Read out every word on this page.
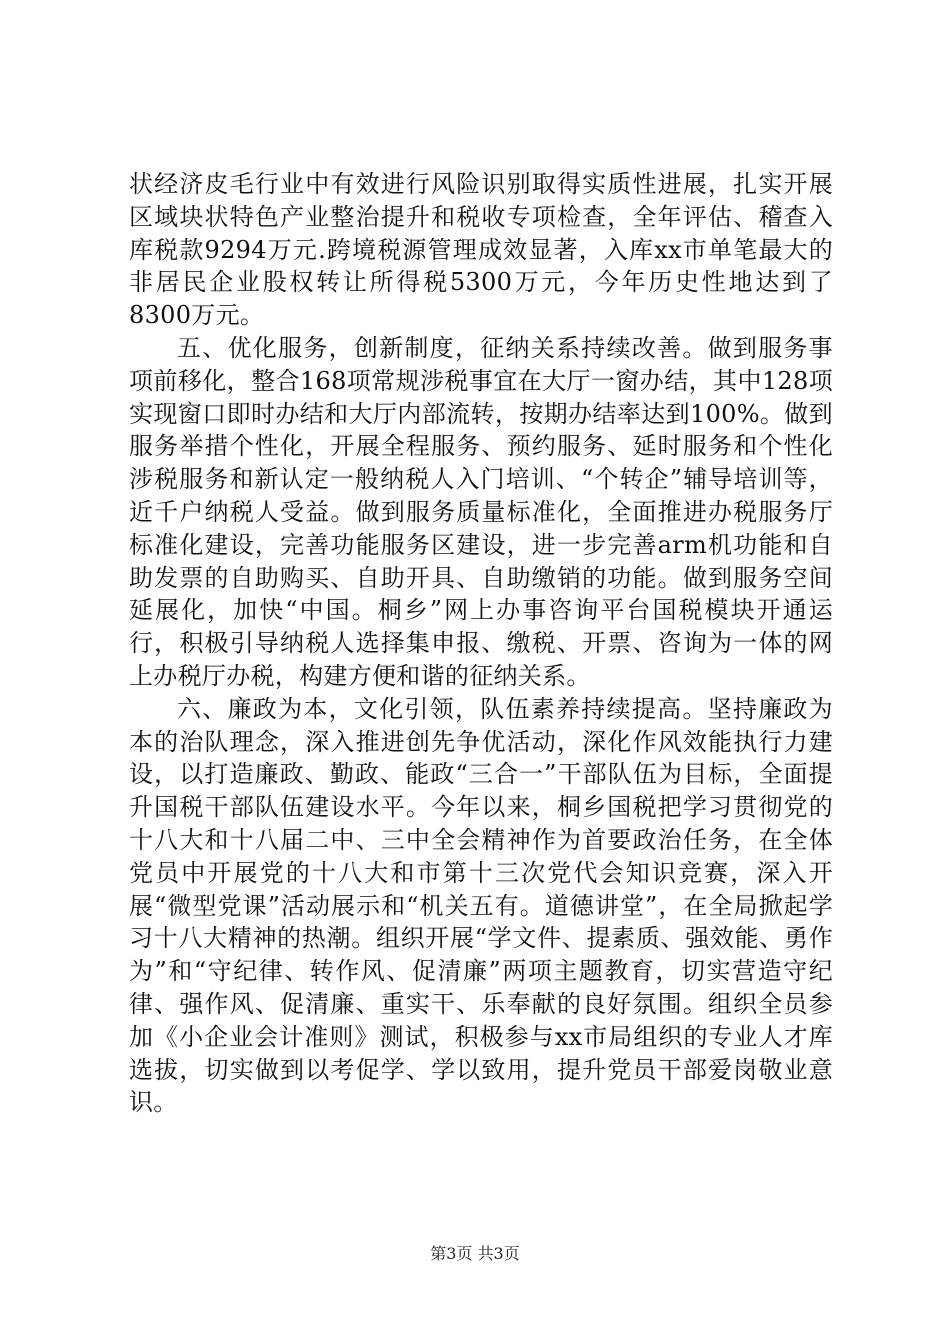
状经济皮毛行业中有效进行风险识别取得实质性进展，扎实开展区域块状特色产业整治提升和税收专项检查，全年评估、稽查入库税款9294万元.跨境税源管理成效显著，入库xx市单笔最大的非居民企业股权转让所得税5300万元，今年历史性地达到了8300万元。

五、优化服务，创新制度，征纳关系持续改善。做到服务事项前移化，整合168项常规涉税事宜在大厅一窗办结，其中128项实现窗口即时办结和大厅内部流转，按期办结率达到100%。做到服务举措个性化，开展全程服务、预约服务、延时服务和个性化涉税服务和新认定一般纳税人入门培训、“个转企”辅导培训等，近千户纳税人受益。做到服务质量标准化，全面推进办税服务厅标准化建设，完善功能服务区建设，进一步完善arm机功能和自助发票的自助购买、自助开具、自助缴销的功能。做到服务空间延展化，加快“中国。桐乡”网上办事咨询平台国税模块开通运行，积极引导纳税人选择集申报、缴税、开票、咨询为一体的网上办税厅办税，构建方便和谐的征纳关系。

六、廉政为本，文化引领，队伍素养持续提高。坚持廉政为本的治队理念，深入推进创先争优活动，深化作风效能执行力建设，以打造廉政、勤政、能政“三合一”干部队伍为目标，全面提升国税干部队伍建设水平。今年以来，桐乡国税把学习贯彻党的十八大和十八届二中、三中全会精神作为首要政治任务，在全体党员中开展党的十八大和市第十三次党代会知识竞赛，深入开展“微型党课”活动展示和“机关五有。道德讲堂”，在全局掀起学习十八大精神的热潮。组织开展“学文件、提素质、强效能、勇作为”和“守纪律、转作风、促清廉”两项主题教育，切实营造守纪律、强作风、促清廉、重实干、乐奉献的良好氛围。组织全员参加《小企业会计准则》测试，积极参与xx市局组织的专业人才库选拔，切实做到以考促学、学以致用，提升党员干部爱岗敬业意识。

第3页 共3页
